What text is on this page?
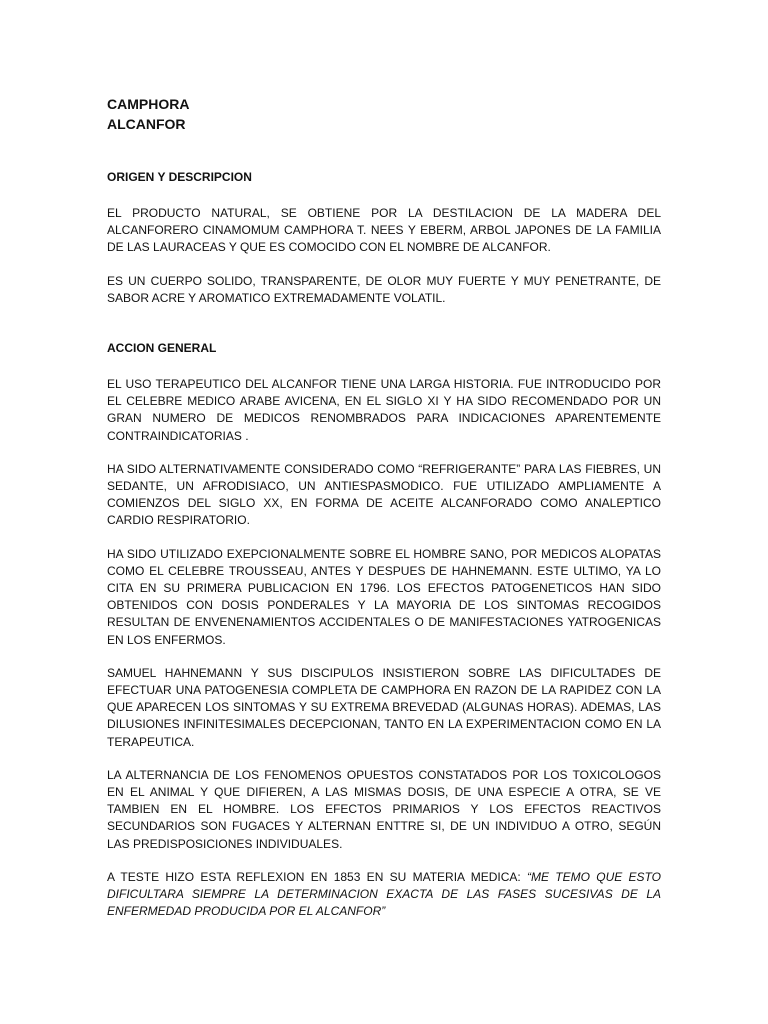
CAMPHORA
ALCANFOR
ORIGEN Y DESCRIPCION

EL PRODUCTO NATURAL, SE OBTIENE POR LA DESTILACION DE LA MADERA DEL ALCANFORERO CINAMOMUM CAMPHORA T. NEES Y EBERM, ARBOL JAPONES DE LA FAMILIA DE LAS LAURACEAS Y QUE ES COMOCIDO CON EL NOMBRE DE ALCANFOR.

ES UN CUERPO SOLIDO, TRANSPARENTE, DE OLOR MUY FUERTE Y MUY PENETRANTE, DE SABOR ACRE Y AROMATICO EXTREMADAMENTE VOLATIL.

ACCION GENERAL

EL USO TERAPEUTICO DEL ALCANFOR TIENE UNA LARGA HISTORIA. FUE INTRODUCIDO POR EL CELEBRE MEDICO ARABE AVICENA, EN EL SIGLO XI Y HA SIDO RECOMENDADO POR UN GRAN NUMERO DE MEDICOS RENOMBRADOS PARA INDICACIONES APARENTEMENTE CONTRAINDICATORIAS .

HA SIDO ALTERNATIVAMENTE CONSIDERADO COMO “REFRIGERANTE” PARA LAS FIEBRES, UN SEDANTE, UN AFRODISIACO, UN ANTIESPASMODICO. FUE UTILIZADO AMPLIAMENTE A COMIENZOS DEL SIGLO XX, EN FORMA DE ACEITE ALCANFORADO COMO ANALEPTICO CARDIO RESPIRATORIO.

HA SIDO UTILIZADO EXEPCIONALMENTE SOBRE EL HOMBRE SANO, POR MEDICOS ALOPATAS COMO EL CELEBRE TROUSSEAU, ANTES Y DESPUES DE HAHNEMANN. ESTE ULTIMO, YA LO CITA EN SU PRIMERA PUBLICACION EN 1796. LOS EFECTOS PATOGENETICOS HAN SIDO OBTENIDOS CON DOSIS PONDERALES Y LA MAYORIA DE LOS SINTOMAS RECOGIDOS RESULTAN DE ENVENENAMIENTOS ACCIDENTALES O DE MANIFESTACIONES YATROGENICAS EN LOS ENFERMOS.

SAMUEL HAHNEMANN Y SUS DISCIPULOS INSISTIERON SOBRE LAS DIFICULTADES DE EFECTUAR UNA PATOGENESIA COMPLETA DE CAMPHORA EN RAZON DE LA RAPIDEZ CON LA QUE APARECEN LOS SINTOMAS Y SU EXTREMA BREVEDAD (ALGUNAS HORAS). ADEMAS, LAS DILUSIONES INFINITESIMALES DECEPCIONAN, TANTO EN LA EXPERIMENTACION COMO EN LA TERAPEUTICA.

LA ALTERNANCIA DE LOS FENOMENOS OPUESTOS CONSTATADOS POR LOS TOXICOLOGOS EN EL ANIMAL Y QUE DIFIEREN, A LAS MISMAS DOSIS, DE UNA ESPECIE A OTRA, SE VE TAMBIEN EN EL HOMBRE. LOS EFECTOS PRIMARIOS Y LOS EFECTOS REACTIVOS SECUNDARIOS SON FUGACES Y ALTERNAN ENTTRE SI, DE UN INDIVIDUO A OTRO, SEGÚN LAS PREDISPOSICIONES INDIVIDUALES.

A TESTE HIZO ESTA REFLEXION EN 1853 EN SU MATERIA MEDICA: “ME TEMO QUE ESTO DIFICULTARA SIEMPRE LA DETERMINACION EXACTA DE LAS FASES SUCESIVAS DE LA ENFERMEDAD PRODUCIDA POR EL ALCANFOR”
